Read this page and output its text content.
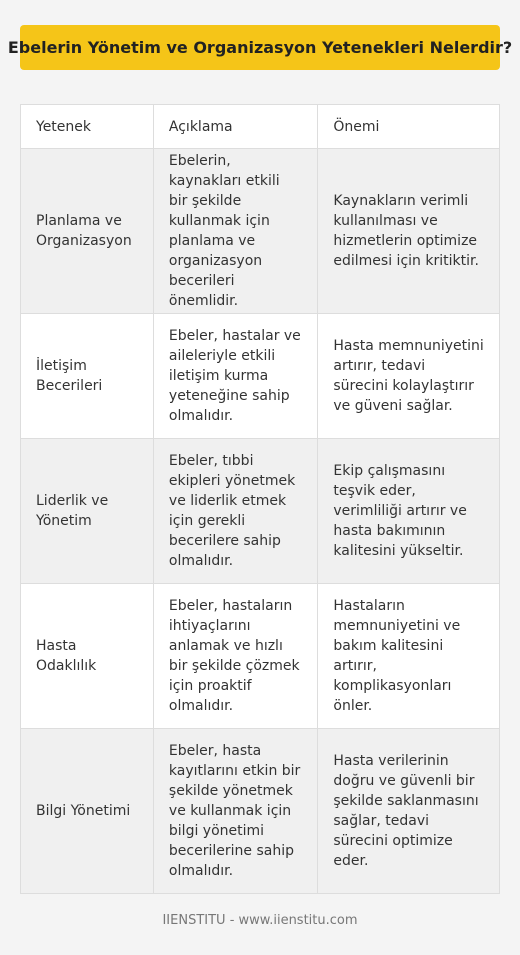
Ebelerin Yönetim ve Organizasyon Yetenekleri Nelerdir?
Yetenek	Açıklama	Önemi
Planlama ve Organizasyon	Ebelerin, kaynakları etkili bir şekilde kullanmak için planlama ve organizasyon becerileri önemlidir.	Kaynakların verimli kullanılması ve hizmetlerin optimize edilmesi için kritiktir.
İletişim Becerileri	Ebeler, hastalar ve aileleriyle etkili iletişim kurma yeteneğine sahip olmalıdır.	Hasta memnuniyetini artırır, tedavi sürecini kolaylaştırır ve güveni sağlar.
Liderlik ve Yönetim	Ebeler, tıbbi ekipleri yönetmek ve liderlik etmek için gerekli becerilere sahip olmalıdır.	Ekip çalışmasını teşvik eder, verimliliği artırır ve hasta bakımının kalitesini yükseltir.
Hasta Odaklılık	Ebeler, hastaların ihtiyaçlarını anlamak ve hızlı bir şekilde çözmek için proaktif olmalıdır.	Hastaların memnuniyetini ve bakım kalitesini artırır, komplikasyonları önler.
Bilgi Yönetimi	Ebeler, hasta kayıtlarını etkin bir şekilde yönetmek ve kullanmak için bilgi yönetimi becerilerine sahip olmalıdır.	Hasta verilerinin doğru ve güvenli bir şekilde saklanmasını sağlar, tedavi sürecini optimize eder.
IIENSTITU - www.iienstitu.com
